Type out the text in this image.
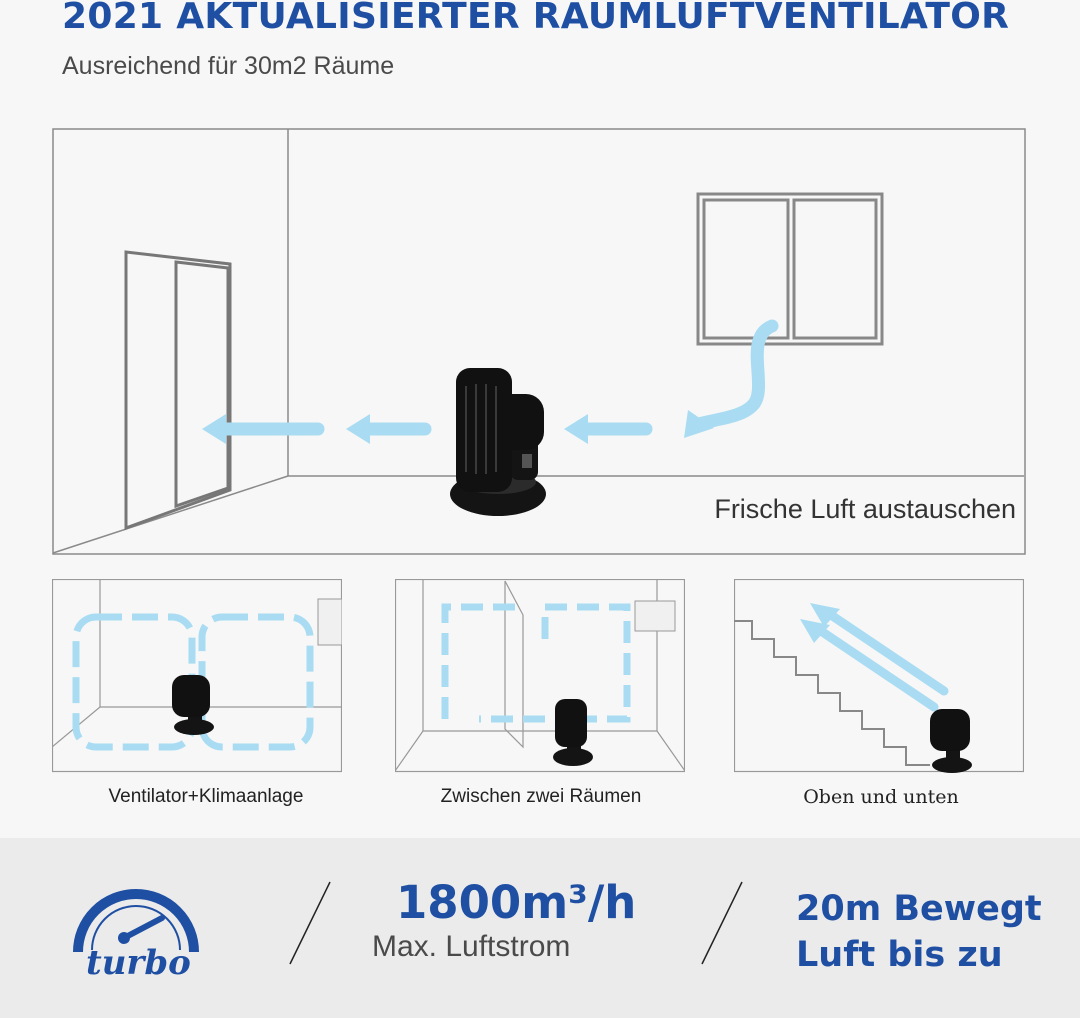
2021 AKTUALISIERTER RAUMLUFTVENTILATOR
Ausreichend für 30m2 Räume
Frische Luft austauschen
Ventilator+Klimaanlage	Zwischen zwei Räumen	Oben und unten
turbo
1800m³/h
Max. Luftstrom
20m Bewegt
Luft bis zu
